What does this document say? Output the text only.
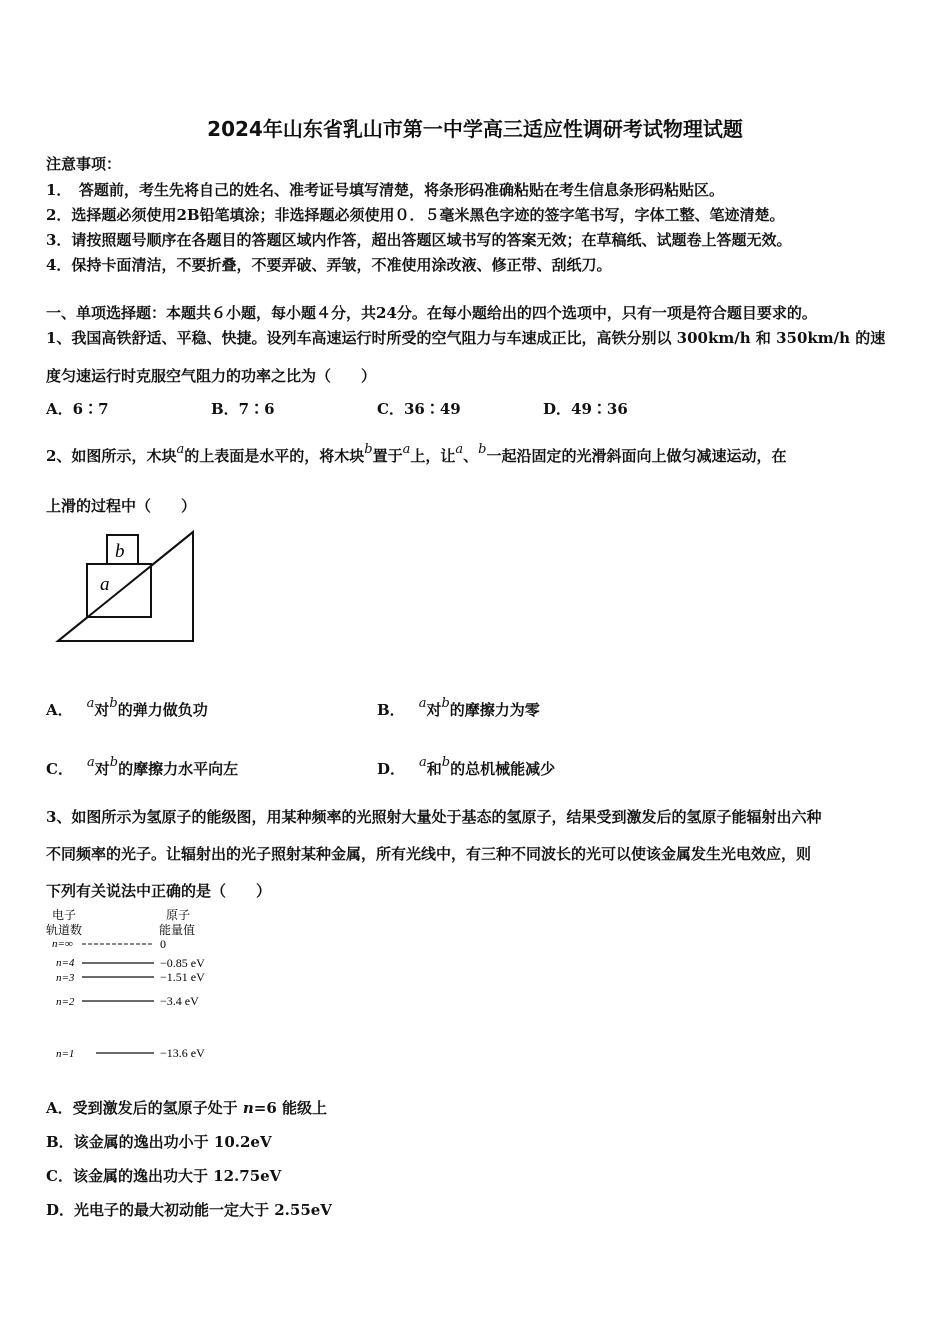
2024年山东省乳山市第一中学高三适应性调研考试物理试题
注意事项：
1．　答题前，考生先将自己的姓名、准考证号填写清楚，将条形码准确粘贴在考生信息条形码粘贴区。
2．选择题必须使用2B铅笔填涂；非选择题必须使用０．５毫米黑色字迹的签字笔书写，字体工整、笔迹清楚。
3．请按照题号顺序在各题目的答题区域内作答，超出答题区域书写的答案无效；在草稿纸、试题卷上答题无效。
4．保持卡面清洁，不要折叠，不要弄破、弄皱，不准使用涂改液、修正带、刮纸刀。
一、单项选择题：本题共６小题，每小题４分，共24分。在每小题给出的四个选项中，只有一项是符合题目要求的。
1、我国高铁舒适、平稳、快捷。设列车高速运行时所受的空气阻力与车速成正比，高铁分别以 300km/h 和 350km/h 的速
度匀速运行时克服空气阻力的功率之比为（　　）
A．6∶7	B．7∶6	C．36∶49	D．49∶36
2、如图所示，木块a的上表面是水平的，将木块b置于a上，让a、b一起沿固定的光滑斜面向上做匀减速运动，在
上滑的过程中（　　）
a
b
A． a对b的弹力做负功	B． a对b的摩擦力为零
C． a对b的摩擦力水平向左	D． a和b的总机械能减少
3、如图所示为氢原子的能级图，用某种频率的光照射大量处于基态的氢原子，结果受到激发后的氢原子能辐射出六种
不同频率的光子。让辐射出的光子照射某种金属，所有光线中，有三种不同波长的光可以使该金属发生光电效应，则
下列有关说法中正确的是（　　）
电子
轨道数
原子
能量值
n=∞	0
n=4	−0.85 eV
n=3	−1.51 eV
n=2	−3.4 eV
n=1	−13.6 eV
A．受到激发后的氢原子处于 n=6 能级上
B．该金属的逸出功小于 10.2eV
C．该金属的逸出功大于 12.75eV
D．光电子的最大初动能一定大于 2.55eV
